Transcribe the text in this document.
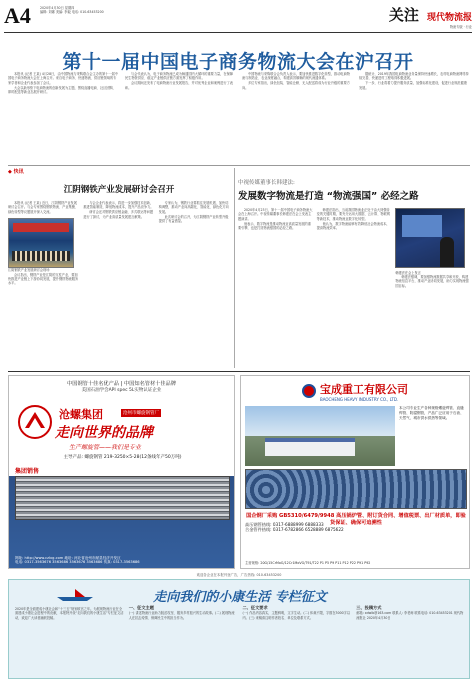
A4	2020年4月30日 星期四
编辑: 刘娜 美编: 李毅 电话: 010-63453200	关注 现代物流报
物流专版 · 行业
第十一届中国电子商务物流大会在沪召开

本报讯 (记者 王某) 4月28日，由中国物流与采购联合会主办的第十一届中国电子商务物流大会在上海召开。来自电子商务、快递物流、供应链领域的专家学者和企业代表参加了会议。

大会以新形势下电商物流的创新发展为主题，围绕直播电商、社区团购、即时配送等新业态展开研讨。

与会代表认为，电子商务物流已成为畅通国内大循环的重要力量，在保障民生物资供应、稳定产业链供应链方面发挥了积极作用。

会议期间还发布了电商物流行业发展报告，并对优秀企业和案例进行了表彰。

中国物流与采购联合会负责人表示，要加快推进数字化转型，推动电商物流与制造业、农业深度融合，构建高效顺畅的现代流通体系。

多位专家指出，绿色包装、智能仓储、无人配送将成为行业升级的重要方向。

据统计，2019年我国电商物流业务量保持快速增长，农村电商物流网络持续完善，快递进村工程取得积极进展。

下一步，行业将着力提升服务质量，加强标准化建设，促进行业规范健康发展。

◆ 快讯
江阴钢铁产业发展研讨会召开

本报讯 (记者 王某) 近日，江阴钢铁产业发展研讨会召开。与会专家围绕钢铁物流、产业集聚、绿色转型等议题展开深入交流。

江阴钢铁产业发展研讨会现场

会议指出，钢铁产业是江阴的支柱产业，要加快推进产业链上下游协同发展，提升钢铁物流服务水平。

与会企业代表表示，将进一步加强技术创新，推进智能制造，降低物流成本，提升产品竞争力。

研讨会还对钢铁供应链金融、多式联运等问题进行了探讨，为产业高质量发展建言献策。

专家认为，钢铁行业要抓住发展机遇，加快结构调整，推动产业向高端化、智能化、绿色化方向发展。

此次研讨会的召开，为江阴钢铁产业转型升级提供了有益借鉴。

中视传媒董事长韩建法:
发展数字物流是打造 “物流强国” 必经之路

2020年4月23日，第十一届中国电子商务物流大会在上海召开。中视传媒董事长韩建法在会上发表主题演讲。

他表示，数字物流是推动物流业高质量发展的重要引擎，也是打造物流强国的必经之路。

韩建法指出，当前我国物流业正处于由大到强转变的关键时期，要充分运用大数据、云计算、物联网等新技术，推动物流业数字化转型。

他认为，数字物流能够有效降低社会物流成本，提高物流效率。

韩建法在会上发言

韩建法强调，要加强物流数据共享和开放，构建物流信息平台，推动产业协同发展，助力实现物流强国目标。

中国钢管十佳名优产品 | 中国知名管材十佳品牌
美国石油学会API spec 5L实物认证企业
沧螺集团	沧州市螺旋钢管厂
走向世界的品牌
生产螺旋管——我们是专业
主导产品: 螺旋钢管 219-3250×5-28(12条线年产50万吨)
集团销售
网址: http://www.czlxg.com 地址: 河北省沧州市献县经济开发区
电话: 0317-3563676 3563686 3563676 3563686 传真: 0317-3563686
宝成重工有限公司
BAOCHENG HEAVY INDUSTRY CO., LTD.
本公司专业生产各种规格螺旋焊管、直缝焊管、防腐钢管，产品广泛应用于石油、天然气、城市供水供热等领域。
国企钢厂采购 GB5310/6479/9948 高压锅炉管、附订货合同、增值税票、出厂材质单，即验货保证、确保可追溯性
高压钢管热线: 0317-6888999 6888333
合金管件热线: 0317-6782866 6528889 6875622
主营规格: 20G/15CrMoG/12Cr1MoVG/T91/T22 P1 P5 P9 P11 P12 P22 P91 P92
欢迎各企业在本报刊登广告，广告热线: 010-63453200
走向我们的小康生活 专栏征文
2020年是全面建成小康社会和“十三五”规划收官之年。为展现物流行业在全面建成小康社会进程中的贡献，本报特开设“走向我们的小康生活”专栏征文活动，欢迎广大读者踊跃投稿。
一、征文主题
(一) 讲述物流行业助力脱贫攻坚、服务乡村振兴的生动故事。(二) 展现物流人在抗击疫情、保障民生中的担当作为。
二、征文要求
(一) 作品内容真实，主题鲜明，文字生动。(二) 体裁不限，字数在3000字以内。(三) 来稿请注明作者姓名、单位及联系方式。
三、投稿方式
邮箱: xdwlb@163.com 联系人: 李老师 联系电话: 010-63453201 现代物流报社 2020年4月30日
